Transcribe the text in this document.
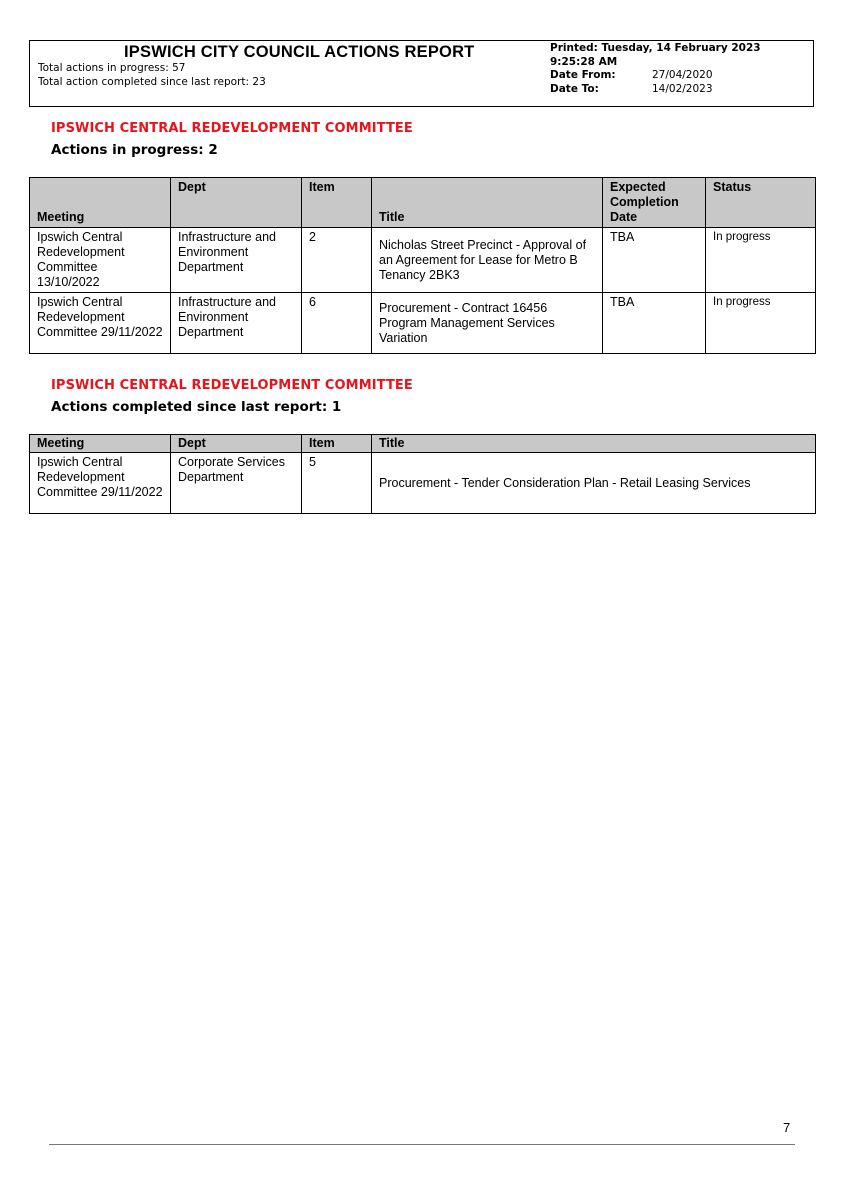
IPSWICH CITY COUNCIL ACTIONS REPORT
Total actions in progress: 57
Total action completed since last report: 23
Printed: Tuesday, 14 February 2023
9:25:28 AM
Date From:	27/04/2020
Date To:	14/02/2023
IPSWICH CENTRAL REDEVELOPMENT COMMITTEE
Actions in progress: 2
Meeting	Dept	Item	Title	Expected Completion Date	Status
Ipswich Central Redevelopment Committee 13/10/2022	Infrastructure and Environment Department	2	Nicholas Street Precinct - Approval of an Agreement for Lease for Metro B Tenancy 2BK3	TBA	In progress
Ipswich Central Redevelopment Committee 29/11/2022	Infrastructure and Environment Department	6	Procurement - Contract 16456 Program Management Services Variation	TBA	In progress
IPSWICH CENTRAL REDEVELOPMENT COMMITTEE
Actions completed since last report: 1
Meeting	Dept	Item	Title
Ipswich Central Redevelopment Committee 29/11/2022	Corporate Services Department	5	Procurement - Tender Consideration Plan - Retail Leasing Services
7
